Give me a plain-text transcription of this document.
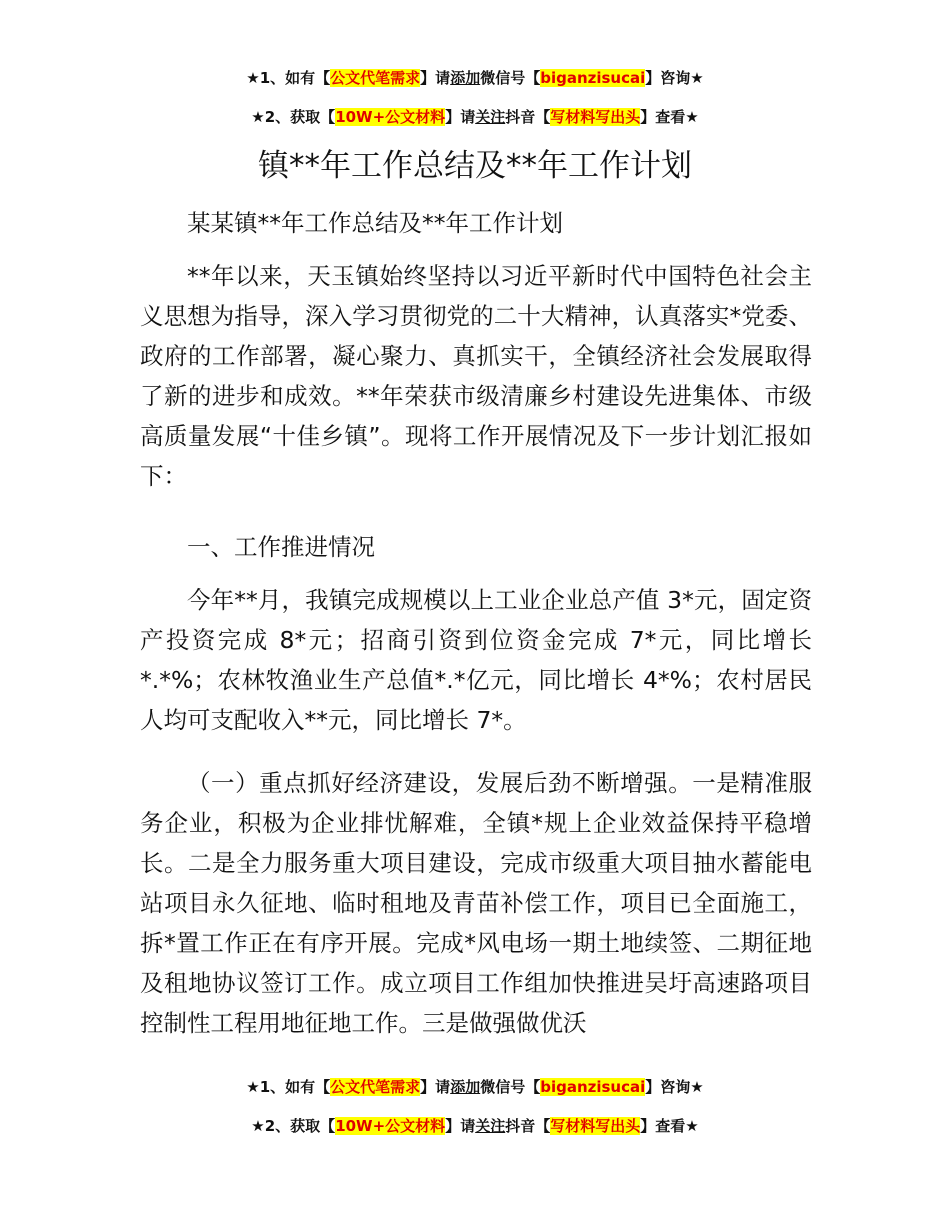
★1、如有【公文代笔需求】请添加微信号【biganzisucai】咨询★
★2、获取【10W+公文材料】请关注抖音【写材料写出头】查看★
镇**年工作总结及**年工作计划

某某镇**年工作总结及**年工作计划

**年以来，天玉镇始终坚持以习近平新时代中国特色社会主义思想为指导，深入学习贯彻党的二十大精神，认真落实*党委、政府的工作部署，凝心聚力、真抓实干，全镇经济社会发展取得了新的进步和成效。**年荣获市级清廉乡村建设先进集体、市级高质量发展“十佳乡镇”。现将工作开展情况及下一步计划汇报如下：

一、工作推进情况

今年**月，我镇完成规模以上工业企业总产值 3*元，固定资产投资完成 8*元；招商引资到位资金完成 7*元，同比增长*.*%；农林牧渔业生产总值*.*亿元，同比增长 4*%；农村居民人均可支配收入**元，同比增长 7*。

（一）重点抓好经济建设，发展后劲不断增强。一是精准服务企业，积极为企业排忧解难，全镇*规上企业效益保持平稳增长。二是全力服务重大项目建设，完成市级重大项目抽水蓄能电站项目永久征地、临时租地及青苗补偿工作，项目已全面施工，拆*置工作正在有序开展。完成*风电场一期土地续签、二期征地及租地协议签订工作。成立项目工作组加快推进吴圩高速路项目控制性工程用地征地工作。三是做强做优沃

★1、如有【公文代笔需求】请添加微信号【biganzisucai】咨询★
★2、获取【10W+公文材料】请关注抖音【写材料写出头】查看★
